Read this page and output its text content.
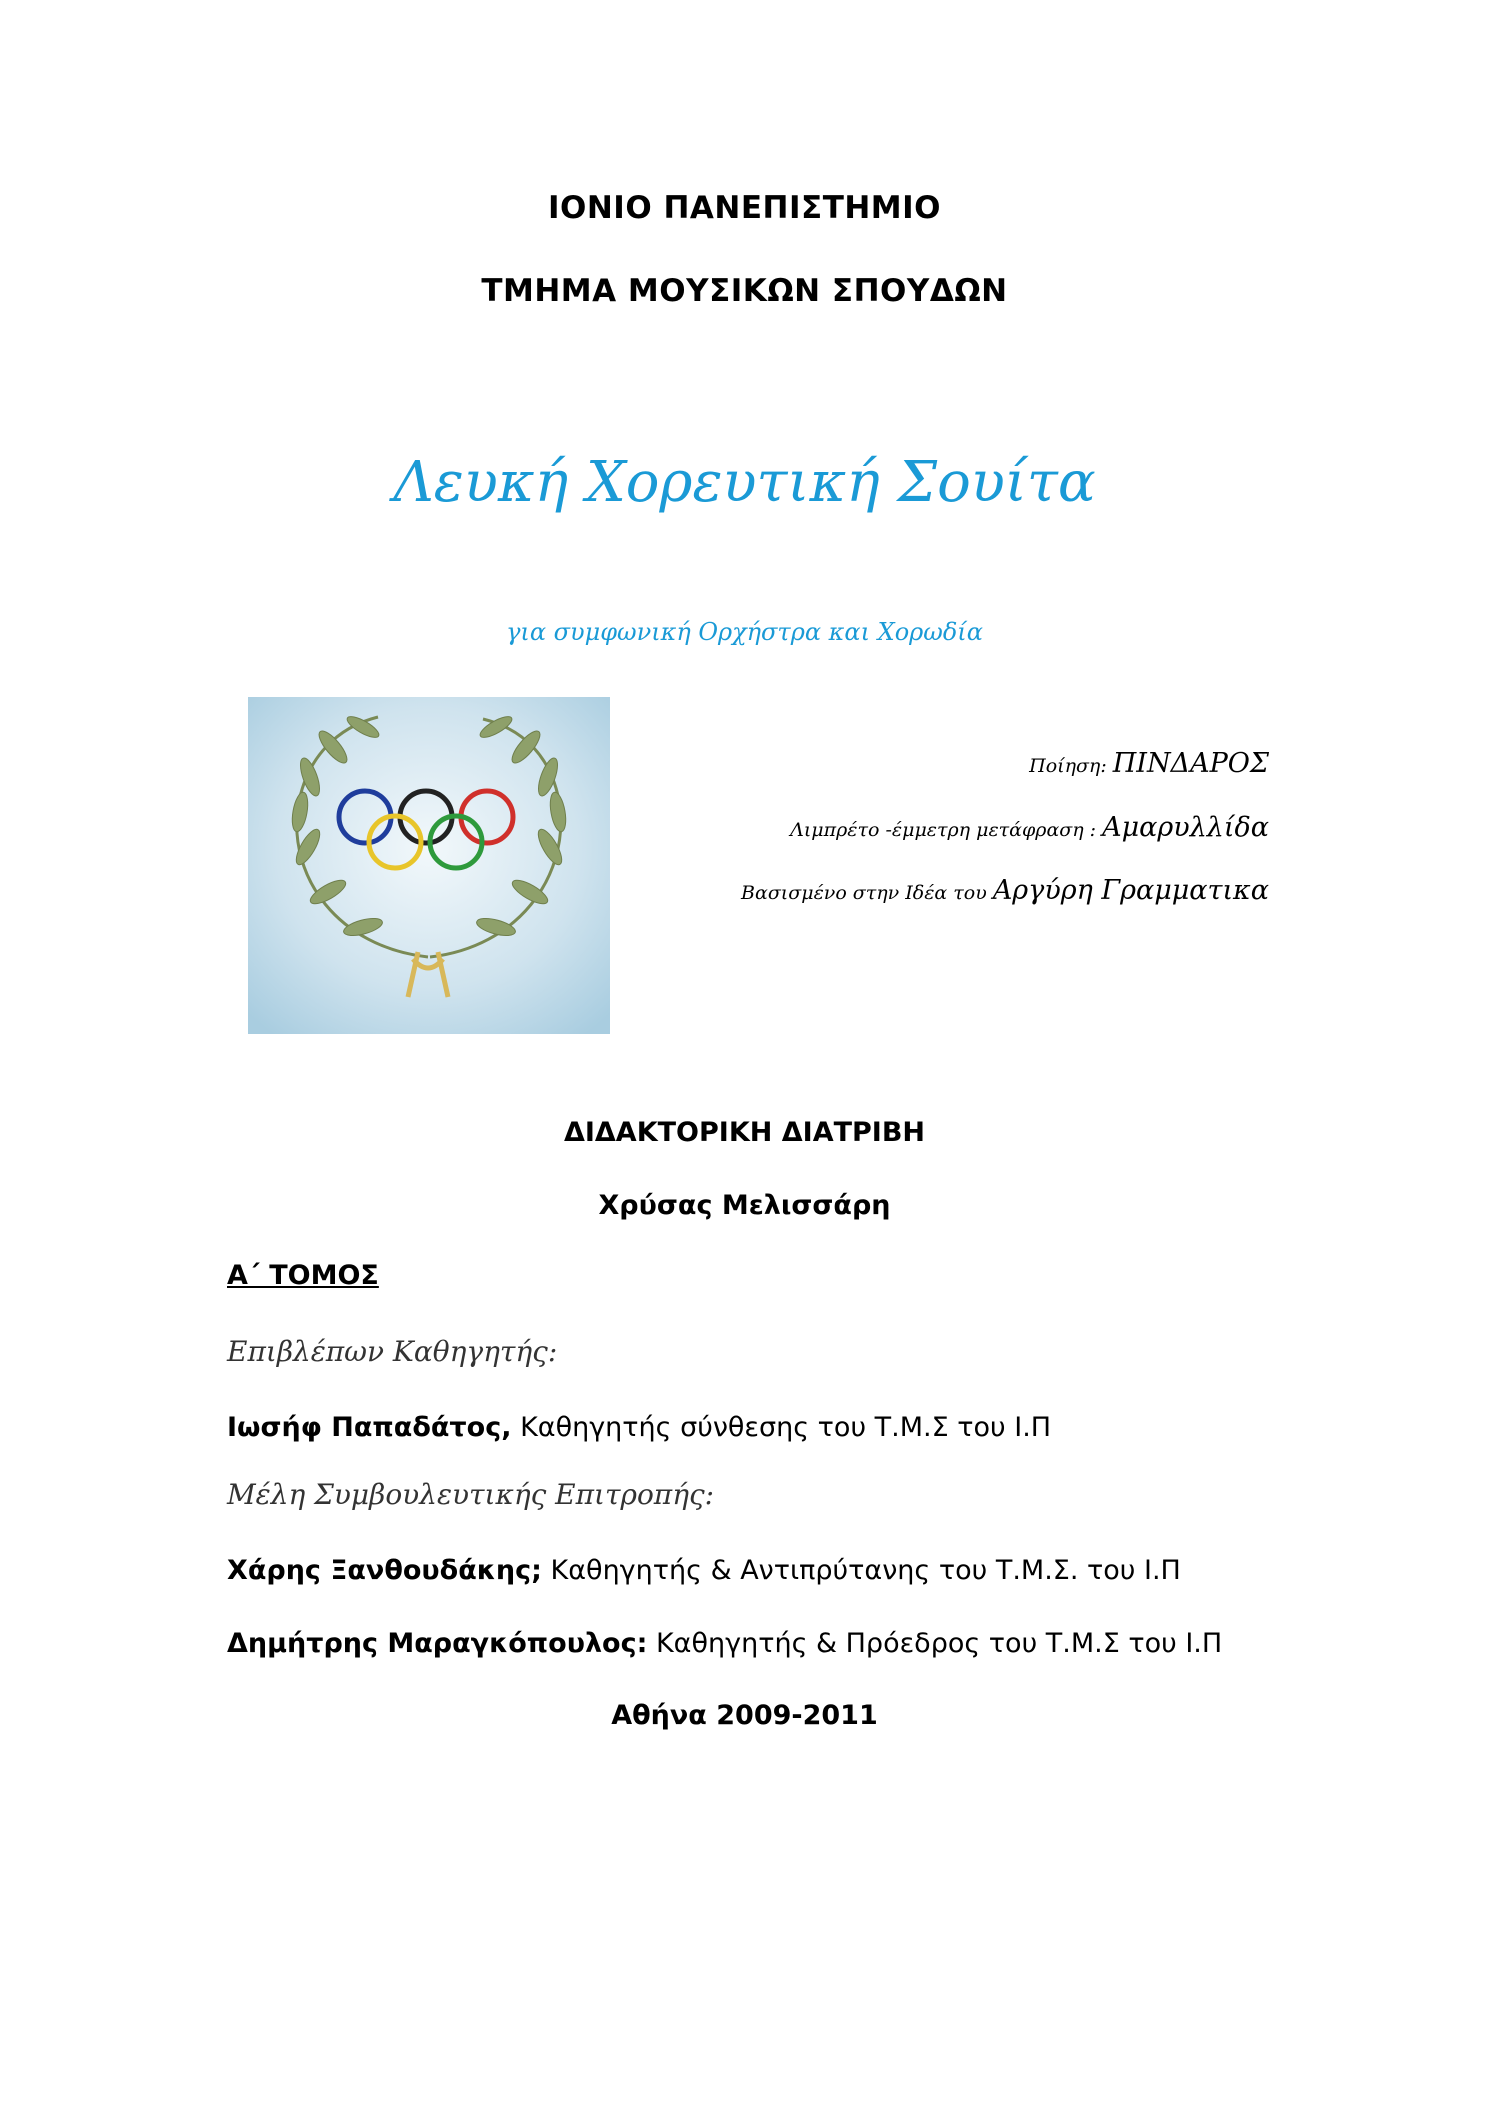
ΙΟΝΙΟ ΠΑΝΕΠΙΣΤΗΜΙΟ
ΤΜΗΜΑ ΜΟΥΣΙΚΩΝ ΣΠΟΥΔΩΝ
Λευκή Χορευτική Σουίτα
για συμφωνική Ορχήστρα και Χορωδία
Ποίηση: ΠΙΝΔΑΡΟΣ
Λιμπρέτο -έμμετρη μετάφραση : Αμαρυλλίδα
Βασισμένο στην Ιδέα του Αργύρη Γραμματικα
ΔΙΔΑΚΤΟΡΙΚΗ ΔΙΑΤΡΙΒΗ
Χρύσας Μελισσάρη
Α΄ ΤΟΜΟΣ
Επιβλέπων Καθηγητής:
Ιωσήφ Παπαδάτος, Καθηγητής σύνθεσης του Τ.Μ.Σ του Ι.Π
Μέλη Συμβουλευτικής Επιτροπής:
Χάρης Ξανθουδάκης; Καθηγητής & Αντιπρύτανης του Τ.Μ.Σ. του Ι.Π
Δημήτρης Μαραγκόπουλος: Καθηγητής & Πρόεδρος του Τ.Μ.Σ του Ι.Π
Αθήνα 2009-2011
